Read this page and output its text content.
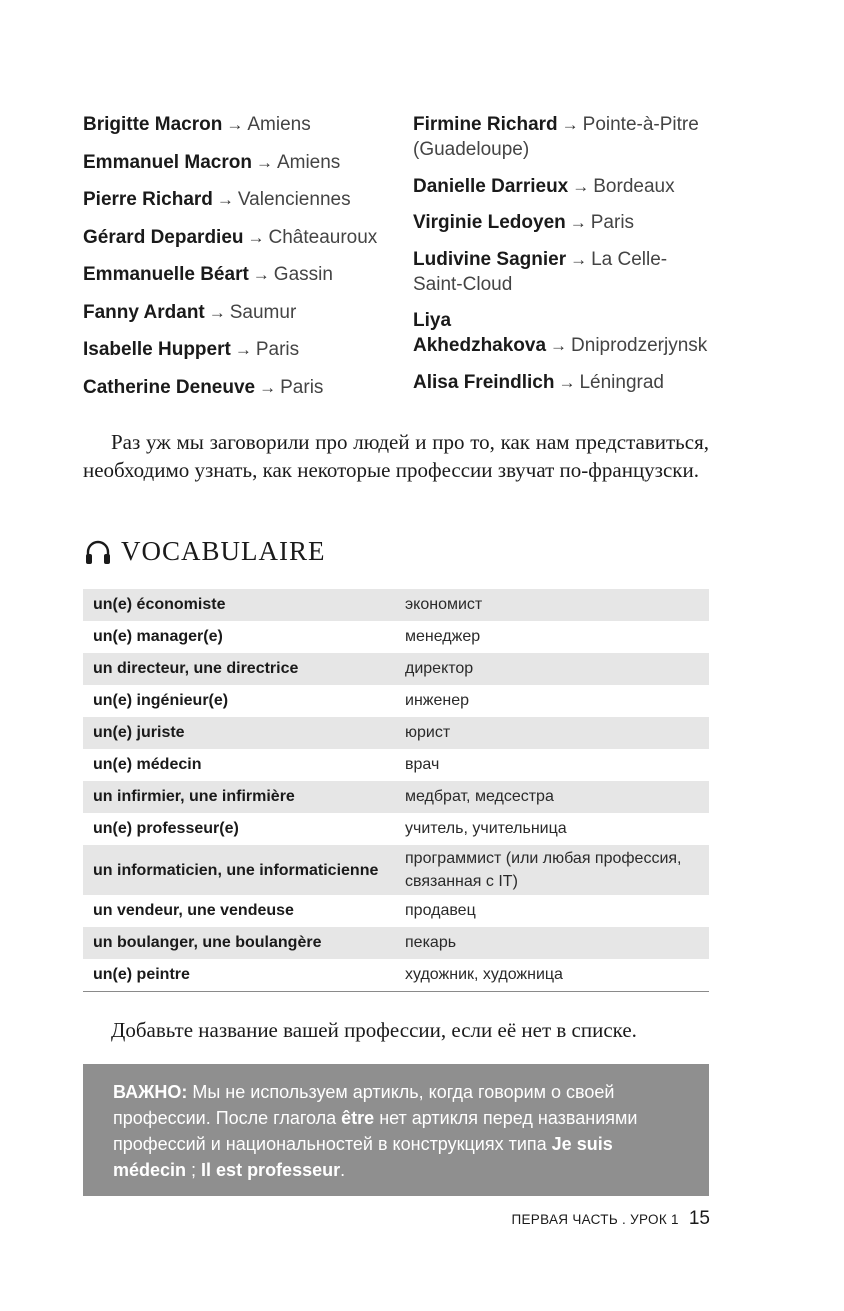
Brigitte Macron → Amiens
Emmanuel Macron → Amiens
Pierre Richard → Valenciennes
Gérard Depardieu → Châteauroux
Emmanuelle Béart → Gassin
Fanny Ardant → Saumur
Isabelle Huppert → Paris
Catherine Deneuve → Paris
Firmine Richard → Pointe-à-Pitre (Guadeloupe)
Danielle Darrieux → Bordeaux
Virginie Ledoyen → Paris
Ludivine Sagnier → La Celle-Saint-Cloud
Liya Akhedzhakova → Dniprodzerjynsk
Alisa Freindlich → Léningrad

Раз уж мы заговорили про людей и про то, как нам представиться, необходимо узнать, как некоторые профессии звучат по-французски.

VOCABULAIRE
un(e) économiste	экономист
un(e) manager(e)	менеджер
un directeur, une directrice	директор
un(e) ingénieur(e)	инженер
un(e) juriste	юрист
un(e) médecin	врач
un infirmier, une infirmière	медбрат, медсестра
un(e) professeur(e)	учитель, учительница
un informaticien, une informaticienne	программист (или любая профессия, связанная с IT)
un vendeur, une vendeuse	продавец
un boulanger, une boulangère	пекарь
un(e) peintre	художник, художница

Добавьте название вашей профессии, если её нет в списке.

ВАЖНО: Мы не используем артикль, когда говорим о своей профессии. После глагола être нет артикля перед названиями профессий и национальностей в конструкциях типа Je suis médecin ; Il est professeur.
ПЕРВАЯ ЧАСТЬ . УРОК 1 15
